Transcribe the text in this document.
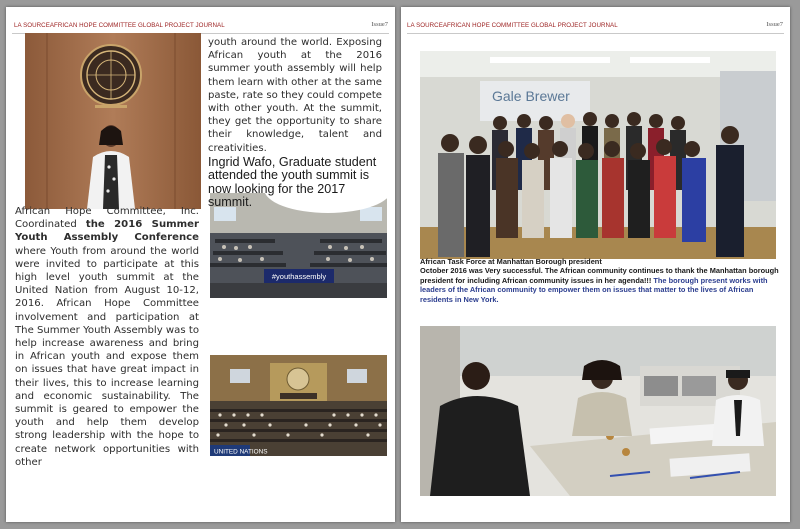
LA SOURCEAFRICAN HOPE COMMITTEE GLOBAL PROJECT JOURNAL	Issue7
African Hope Committee, Inc. Coordinated the 2016 Summer Youth Assembly Conference where Youth from around the world were invited to participate at this high level youth summit at the United Nation from August 10-12, 2016. African Hope Committee involvement and participation at The Summer Youth Assembly was to help increase awareness and bring in African youth and expose them on issues that have great impact in their lives, this to increase learning and economic sustainability. The summit is geared to empower the youth and help them develop strong leadership with the hope to create network opportunities with other
youth around the world. Exposing African youth at the 2016 summer youth assembly will help them learn with other at the same paste, rate so they could compete with other youth. At the summit, they get the opportunity to share their knowledge, talent and creativities.
#youthassembly
UNITED NATIONS
Ingrid Wafo, Graduate student attended the youth summit is now looking for the 2017 summit.
LA SOURCEAFRICAN HOPE COMMITTEE GLOBAL PROJECT JOURNAL	Issue7
Gale Brewer
African Task Force at Manhattan Borough president
October 2016 was Very successful. The African community continues to thank the Manhattan borough president for including African community issues in her agenda!!! The borough present works with leaders of the African community to empower them on issues that matter to the lives of African residents in New York.
